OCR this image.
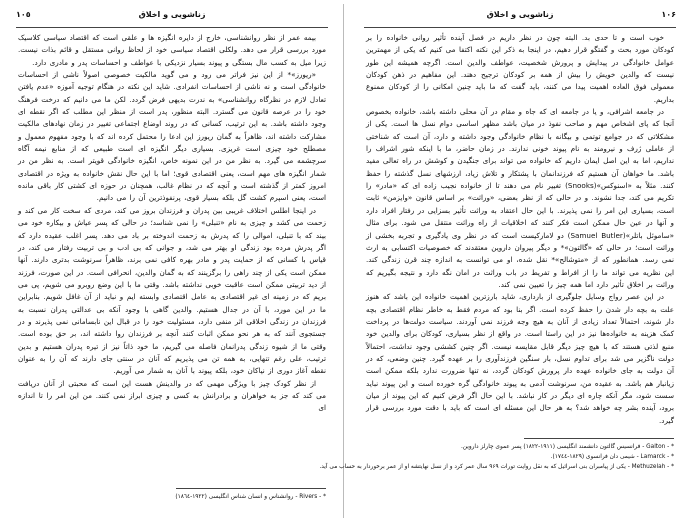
١٠٥	زناشویی و اخلاق

بیمه عمر از نظر روانشناسی، خارج از دایره انگیزه ها و علقی است که اقتصاد سیاسی کلاسیک مورد بررسی قرار می دهد. ولکلی اقتصاد سیاسی خود از لحاظ روانی مستقل و قائم بذات نیست. زیرا میل به کسب مال بستگی و پیوند بسیار نزدیکی با عواطف و احساسات پدر و مادری دارد.

«ریورز»* از این نیز فراتر می رود و می گوید مالکیت خصوصی اصولاً ناشی از احساسات خانوادگی است و نه ناشی از احساسات انفرادی. شاید این نکته در هنگام توجیه آموزه «عدم یافتن تعادل لازم در نظرگاه روانشناسی» به ندرت بدیهی فرض گردد. لکن ما می دانیم که درخت فرهنگ خود را در عرصه قانون می گسترد. البته منظور، پدر است از منظر این مطلب که اگر نقطه ای وجود داشته باشد. به این ترتیب، کسانی که در روند اوضاع اجتماعی تغییر در زمان نهادهای مالکیت مشارکت داشته اند، ظاهراً به گمان ریورز این ادعا را محتمل کرده اند که با وجود مفهوم معمول و مصطلح خود چیزی است غریزی. بسیاری دیگر انگیزه ای است طبیعی که از منابع نیمه آگاه سرچشمه می گیرد. به نظر من در این نمونه خاص، انگیزه خانوادگی قویتر است. به نظر من در شمار انگیزه های مهم است، یعنی اقتصادی قوی؛ اما با این حال نقش خانواده به ویژه در اقتصادی امروز کمتر از گذشته است و آنچه که در نظام غالب، همچنان در حوزه ای کشتی کار باقی مانده است، یعنی اسپرم کشت گل بلکه بسیار قوی، پرنفوذترین آن را می دانیم.

در اینجا اطلس اختلاف غریبی بین پدران و فرزندان بروز می کند، مردی که سخت کار می کند و زحمت می کشد و چیزی به نام «تنبلی» را نمی شناسد؛ در حالی که پسر عیاش و بیکاره خود می بیند که با تنبلی، اموالی را که پدرش به زحمت اندوخته بر باد می دهد. پسر اغلب عقیده دارد که اگر پدرش مرده بود زندگی او بهتر می شد، و جوانی که بی ادب و بی تربیت رفتار می کند، در قیاس با کسانی که از حمایت پدر و مادر بهره کافی نمی برند، ظاهراً سرنوشت بدتری دارند. آنها ممکن است یکی از چند راهی را برگزینند که به گمان والدین، انحرافی است. در این صورت، فرزند از دید تربیتی ممکن است عاقبت خوبی نداشته باشد. وقتی ما با این وضع روبرو می شویم، پی می بریم که در زمینه ای غیر اقتصادی به عامل اقتصادی وابسته ایم و نباید از آن غافل شویم. بنابراین ما در این مورد، با آن در جدال هستیم. والدین گاهی با وجود آنکه بی عدالتی پدران نسبت به فرزندان در زندگی اخلاقی اثر منفی دارد، مسئولیت خود را در قبال این نابسامانی نمی پذیرند و در جستجوی آنند که به هر نحو ممکن اثبات کنند آنچه بر فرزندان روا داشته اند، بر حق بوده است. وقتی ما از شیوه زندگی پدرانمان فاصله می گیریم، ما خود ذاتاً نیز از تیره پدران هستیم و بدین ترتیب، علی رغم تنهایی، به همه تن می پذیریم که آنان در سنتی جای دارند که آن را به عنوان نقطه آغاز دوری از نیاکان خود، بلکه پیوند با آنان به شمار می آوریم.

از نظر کودک چیز با ویژگی مهمی که در والدینش هست این است که محبتی از آنان دریافت می کند که جز به خواهران و برادرانش به کسی و چیزی ابراز نمی کنند. من این امر را تا اندازه ای

* - Rivers - روانشناس و انسان شناس انگلیسی (١٩٢٢-١٨٦٤)

١٠۶
زناشویی و اخلاق

خوب است و تا حدی بد. البته چون در نظر داریم در فصل آینده تأثیر روانی خانواده را بر کودکان مورد بحث و گفتگو قرار دهیم، در اینجا به ذکر این نکته اکتفا می کنیم که یکی از مهمترین عوامل خانوادگی در پیدایش و پرورش شخصیت، عواطف والدین است. اگرچه همیشه این طور نیست که والدین خویش را بیش از همه بر کودکان ترجیح دهند. این مفاهیم در ذهن کودکان معمولی فوق العاده اهمیت پیدا می کنند، باید گفت که ما باید چنین امکانی را از کودکان ممنوع بداریم.

در جامعه اشرافی، و یا در جامعه ای که جاه و مقام در آن محلی داشته باشد، خانواده بخصوص آنجا که پای اشخاص مهم و صاحب نفوذ در میان باشد مظهر اساسی دوام نسل ها است. یکی از مشکلاتی که در جوامع توتمی و بیگانه با نظام خانوادگی وجود داشته و دارد، آن است که شناختی از عاملی ژرف و نیرومند به نام پیوند خونی ندارند. در زمان حاضر، ما با اینکه شور اشراف را نداریم، اما به این اصل ایمان داریم که خانواده می تواند برای جنگیدن و کوشش در راه تعالی مفید باشد. ما خواهان آن هستیم که فرزندانمان با پشتکار و تلاش زیاد، ارزشهای نسل گذشته را حفظ کنند. مثلاً به «اسنوکس»(Snooks) تغییر نام می دهند تا از خانواده نجیب زاده ای که «مادر» را تکریم می کند، جدا نشوند. و در حالی که از نظر بعضی، «وراثت» بر اساس قانون «وایزمن» ثابت است، بسیاری این امر را نمی پذیرند. با این حال اعتقاد به وراثت تأثیر بسزایی در رفتار افراد دارد و آنها در عین حال ممکن است فکر کنند که اخلاقیات از راه وراثت منتقل می شود. برای مثال «ساموئل باتلر»(Samuel Butler) دو لامارکیست است که در نظر وی یادگیری و تجربه بخشی از وراثت است؛ در حالی که «گالتون»* و دیگر پیروان داروین معتقدند که خصوصیات اکتسابی به ارث نمی رسد. همانطور که از «متوشالح»* نقل شده، او می توانست به اندازه چند قرن زندگی کند. این نظریه می تواند ما را از افراط و تفریط در باب وراثت در امان نگه دارد و نتیجه بگیریم که وراثت بر اخلاق تأثیر دارد اما همه چیز را تعیین نمی کند.

در این عصر رواج وسایل جلوگیری از بارداری، شاید بارزترین اهمیت خانواده این باشد که هنوز علت به بچه دار شدن را حفظ کرده است. اگر بنا بود که مردم فقط به خاطر نظام اقتصادی بچه دار شوند، احتمالاً تعداد زیادی از آنان به هیچ وجه فرزند نمی آوردند. سیاست دولت‌ها در پرداخت کمک هزینه به خانواده‌ها نیز در این راستا است. در واقع از نظر بسیاری، کودکان برای والدین خود منبع لذتی هستند که با هیچ چیز دیگر قابل مقایسه نیست. اگر چنین کششی وجود نداشت، احتمالاً دولت ناگزیر می شد برای تداوم نسل، بار سنگین فرزندآوری را بر عهده گیرد. چنین وضعی، که در آن دولت به جای خانواده عهده دار پرورش کودکان گردد، نه تنها ضرورت ندارد بلکه ممکن است زیانبار هم باشد. به عقیده من، سرنوشت آدمی به پیوند خانوادگی گره خورده است و این پیوند نباید سست شود، مگر آنکه چاره ای دیگر در کار نباشد. با این حال اگر فرض کنیم که این پیوند از میان برود، آینده بشر چه خواهد شد؟ به هر حال این مسئله ای است که باید با دقت مورد بررسی قرار گیرد.

* - Galton - فرانسیس گالتون دانشمند انگلیسی (١٩١١-١٨٢٢) پسر عموی چارلز داروین.

* - Lamarck - شیمی دان فرانسوی (١٨٢٩-١٧٤٤).

* - Methuzelah - یکی از پیامبران بنی اسرائیل که به نقل روایت تورات ۹۶۹ سال عمر کرد و از نسل نهایتشه او از عمر برخوردار به حساب می آید.
